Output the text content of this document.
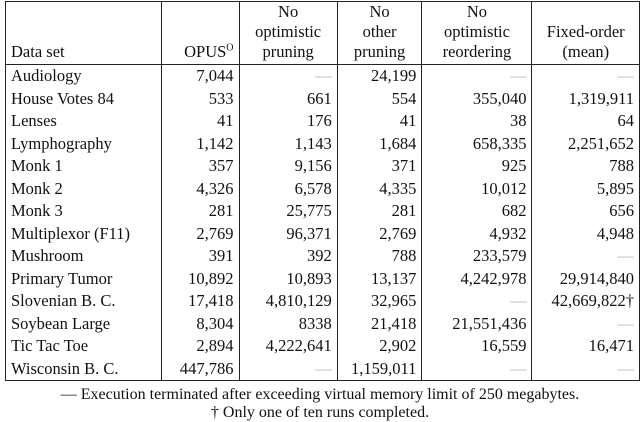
Data set	$OPUS^O$	No
optimistic
pruning	No
other
pruning	No
optimistic
reordering	Fixed-order
(mean)
Audiology	7,044	—	24,199	—	—
House Votes 84	533	661	554	355,040	1,319,911
Lenses	41	176	41	38	64
Lymphography	1,142	1,143	1,684	658,335	2,251,652
Monk 1	357	9,156	371	925	788
Monk 2	4,326	6,578	4,335	10,012	5,895
Monk 3	281	25,775	281	682	656
Multiplexor (F11)	2,769	96,371	2,769	4,932	4,948
Mushroom	391	392	788	233,579	—
Primary Tumor	10,892	10,893	13,137	4,242,978	29,914,840
Slovenian B. C.	17,418	4,810,129	32,965	—	42,669,822†
Soybean Large	8,304	8338	21,418	21,551,436	—
Tic Tac Toe	2,894	4,222,641	2,902	16,559	16,471
Wisconsin B. C.	447,786	—	1,159,011	—	—
— Execution terminated after exceeding virtual memory limit of 250 megabytes.
† Only one of ten runs completed.
